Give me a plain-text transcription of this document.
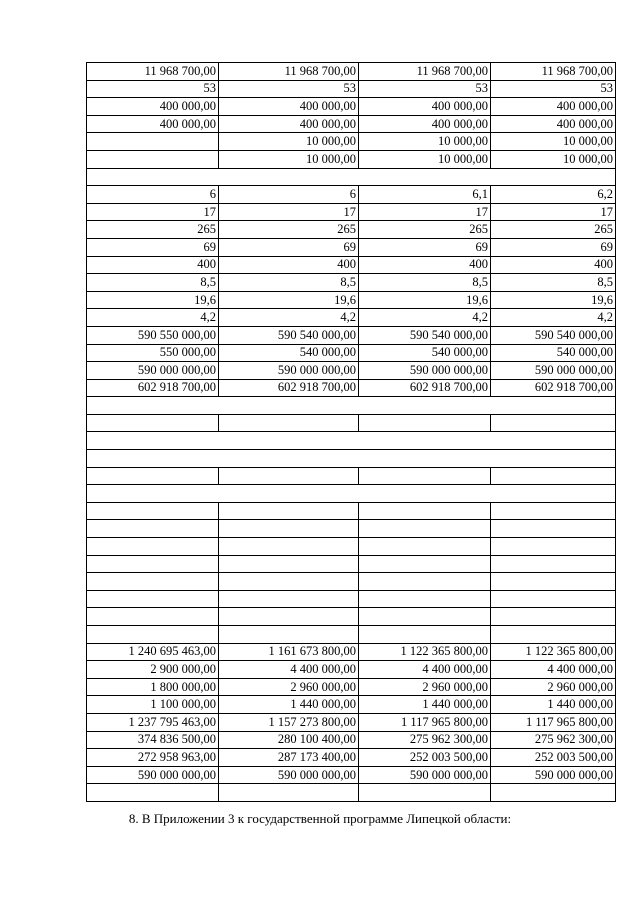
11 968 700,00	11 968 700,00	11 968 700,00	11 968 700,00
53	53	53	53
400 000,00	400 000,00	400 000,00	400 000,00
400 000,00	400 000,00	400 000,00	400 000,00
	10 000,00	10 000,00	10 000,00
	10 000,00	10 000,00	10 000,00

6	6	6,1	6,2
17	17	17	17
265	265	265	265
69	69	69	69
400	400	400	400
8,5	8,5	8,5	8,5
19,6	19,6	19,6	19,6
4,2	4,2	4,2	4,2
590 550 000,00	590 540 000,00	590 540 000,00	590 540 000,00
550 000,00	540 000,00	540 000,00	540 000,00
590 000 000,00	590 000 000,00	590 000 000,00	590 000 000,00
602 918 700,00	602 918 700,00	602 918 700,00	602 918 700,00

1 240 695 463,00	1 161 673 800,00	1 122 365 800,00	1 122 365 800,00
2 900 000,00	4 400 000,00	4 400 000,00	4 400 000,00
1 800 000,00	2 960 000,00	2 960 000,00	2 960 000,00
1 100 000,00	1 440 000,00	1 440 000,00	1 440 000,00
1 237 795 463,00	1 157 273 800,00	1 117 965 800,00	1 117 965 800,00
374 836 500,00	280 100 400,00	275 962 300,00	275 962 300,00
272 958 963,00	287 173 400,00	252 003 500,00	252 003 500,00
590 000 000,00	590 000 000,00	590 000 000,00	590 000 000,00

8. В Приложении 3 к государственной программе Липецкой области:
